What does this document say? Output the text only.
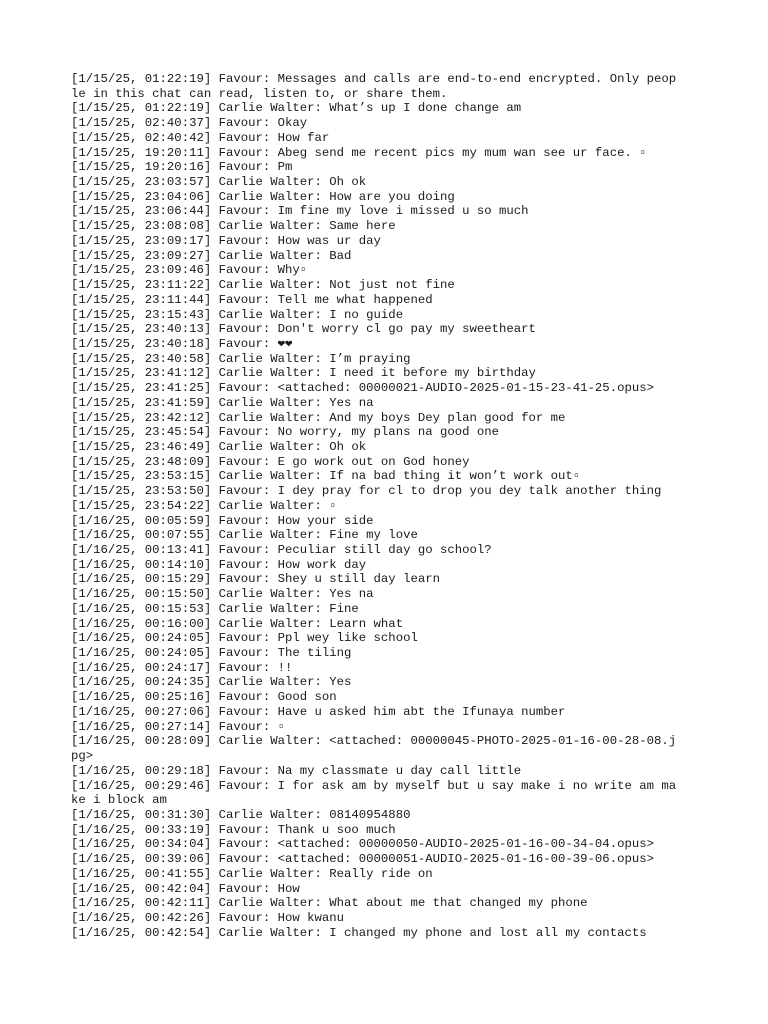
[1/15/25, 01:22:19] Favour: Messages and calls are end-to-end encrypted. Only people in this chat can read, listen to, or share them.
[1/15/25, 01:22:19] Carlie Walter: What’s up I done change am
[1/15/25, 02:40:37] Favour: Okay
[1/15/25, 02:40:42] Favour: How far
[1/15/25, 19:20:11] Favour: Abeg send me recent pics my mum wan see ur face. ▫
[1/15/25, 19:20:16] Favour: Pm
[1/15/25, 23:03:57] Carlie Walter: Oh ok
[1/15/25, 23:04:06] Carlie Walter: How are you doing
[1/15/25, 23:06:44] Favour: Im fine my love i missed u so much
[1/15/25, 23:08:08] Carlie Walter: Same here
[1/15/25, 23:09:17] Favour: How was ur day
[1/15/25, 23:09:27] Carlie Walter: Bad
[1/15/25, 23:09:46] Favour: Why▫
[1/15/25, 23:11:22] Carlie Walter: Not just not fine
[1/15/25, 23:11:44] Favour: Tell me what happened
[1/15/25, 23:15:43] Carlie Walter: I no guide
[1/15/25, 23:40:13] Favour: Don't worry cl go pay my sweetheart
[1/15/25, 23:40:18] Favour: ❤❤
[1/15/25, 23:40:58] Carlie Walter: I’m praying
[1/15/25, 23:41:12] Carlie Walter: I need it before my birthday
[1/15/25, 23:41:25] Favour: <attached: 00000021-AUDIO-2025-01-15-23-41-25.opus>
[1/15/25, 23:41:59] Carlie Walter: Yes na
[1/15/25, 23:42:12] Carlie Walter: And my boys Dey plan good for me
[1/15/25, 23:45:54] Favour: No worry, my plans na good one
[1/15/25, 23:46:49] Carlie Walter: Oh ok
[1/15/25, 23:48:09] Favour: E go work out on God honey
[1/15/25, 23:53:15] Carlie Walter: If na bad thing it won’t work out▫
[1/15/25, 23:53:50] Favour: I dey pray for cl to drop you dey talk another thing
[1/15/25, 23:54:22] Carlie Walter: ▫
[1/16/25, 00:05:59] Favour: How your side
[1/16/25, 00:07:55] Carlie Walter: Fine my love
[1/16/25, 00:13:41] Favour: Peculiar still day go school?
[1/16/25, 00:14:10] Favour: How work day
[1/16/25, 00:15:29] Favour: Shey u still day learn
[1/16/25, 00:15:50] Carlie Walter: Yes na
[1/16/25, 00:15:53] Carlie Walter: Fine
[1/16/25, 00:16:00] Carlie Walter: Learn what
[1/16/25, 00:24:05] Favour: Ppl wey like school
[1/16/25, 00:24:05] Favour: The tiling
[1/16/25, 00:24:17] Favour: !!
[1/16/25, 00:24:35] Carlie Walter: Yes
[1/16/25, 00:25:16] Favour: Good son
[1/16/25, 00:27:06] Favour: Have u asked him abt the Ifunaya number
[1/16/25, 00:27:14] Favour: ▫
[1/16/25, 00:28:09] Carlie Walter: <attached: 00000045-PHOTO-2025-01-16-00-28-08.jpg>
[1/16/25, 00:29:18] Favour: Na my classmate u day call little
[1/16/25, 00:29:46] Favour: I for ask am by myself but u say make i no write am make i block am
[1/16/25, 00:31:30] Carlie Walter: 08140954880
[1/16/25, 00:33:19] Favour: Thank u soo much
[1/16/25, 00:34:04] Favour: <attached: 00000050-AUDIO-2025-01-16-00-34-04.opus>
[1/16/25, 00:39:06] Favour: <attached: 00000051-AUDIO-2025-01-16-00-39-06.opus>
[1/16/25, 00:41:55] Carlie Walter: Really ride on
[1/16/25, 00:42:04] Favour: How
[1/16/25, 00:42:11] Carlie Walter: What about me that changed my phone
[1/16/25, 00:42:26] Favour: How kwanu
[1/16/25, 00:42:54] Carlie Walter: I changed my phone and lost all my contacts
